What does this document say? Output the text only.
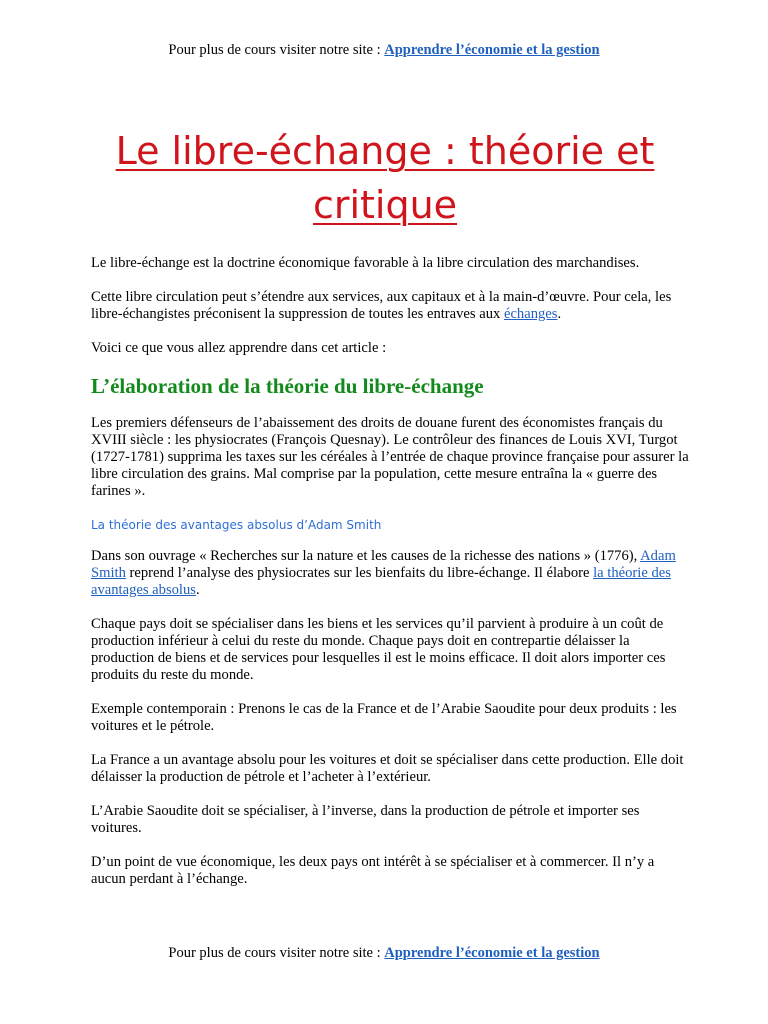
Pour plus de cours visiter notre site : Apprendre l’économie et la gestion
Le libre-échange : théorie et critique

Le libre-échange est la doctrine économique favorable à la libre circulation des marchandises.

Cette libre circulation peut s’étendre aux services, aux capitaux et à la main-d’œuvre. Pour cela, les libre-échangistes préconisent la suppression de toutes les entraves aux échanges.

Voici ce que vous allez apprendre dans cet article :

L’élaboration de la théorie du libre-échange

Les premiers défenseurs de l’abaissement des droits de douane furent des économistes français du XVIII siècle : les physiocrates (François Quesnay). Le contrôleur des finances de Louis XVI, Turgot (1727-1781) supprima les taxes sur les céréales à l’entrée de chaque province française pour assurer la libre circulation des grains. Mal comprise par la population, cette mesure entraîna la « guerre des farines ».

La théorie des avantages absolus d’Adam Smith

Dans son ouvrage « Recherches sur la nature et les causes de la richesse des nations » (1776), Adam Smith reprend l’analyse des physiocrates sur les bienfaits du libre-échange. Il élabore la théorie des avantages absolus.

Chaque pays doit se spécialiser dans les biens et les services qu’il parvient à produire à un coût de production inférieur à celui du reste du monde. Chaque pays doit en contrepartie délaisser la production de biens et de services pour lesquelles il est le moins efficace. Il doit alors importer ces produits du reste du monde.

Exemple contemporain : Prenons le cas de la France et de l’Arabie Saoudite pour deux produits : les voitures et le pétrole.

La France a un avantage absolu pour les voitures et doit se spécialiser dans cette production. Elle doit délaisser la production de pétrole et l’acheter à l’extérieur.

L’Arabie Saoudite doit se spécialiser, à l’inverse, dans la production de pétrole et importer ses voitures.

D’un point de vue économique, les deux pays ont intérêt à se spécialiser et à commercer. Il n’y a aucun perdant à l’échange.

Pour plus de cours visiter notre site : Apprendre l’économie et la gestion
